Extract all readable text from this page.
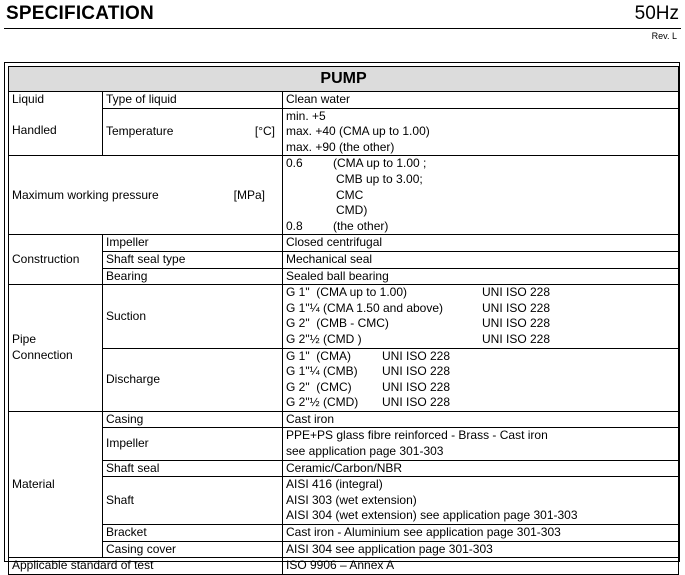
SPECIFICATION	50Hz
Rev. L
PUMP		

Liquid
Handled	Type of liquid	Clean water

	Temperature [°C]	min. +5
max. +40 (CMA up to 1.00)
max. +90 (the other)

Maximum working pressure [MPa]		0.6 (CMA up to 1.00 ;
CMB up to 3.00;
CMC
CMD)
0.8 (the other)

Construction	Impeller	Closed centrifugal
	Shaft seal type	Mechanical seal
	Bearing	Sealed ball bearing

Pipe
Connection	Suction	G 1" (CMA up to 1.00) UNI ISO 228
G 1"¼ (CMA 1.50 and above) UNI ISO 228
G 2" (CMB - CMC) UNI ISO 228
G 2"½ (CMD ) UNI ISO 228

	Discharge	G 1" (CMA) UNI ISO 228
G 1"¼ (CMB) UNI ISO 228
G 2" (CMC) UNI ISO 228
G 2"½ (CMD) UNI ISO 228

Material	Casing	Cast iron
	Impeller	PPE+PS glass fibre reinforced - Brass - Cast iron
see application page 301-303

	Shaft seal	Ceramic/Carbon/NBR
	Shaft	AISI 416 (integral)
AISI 303 (wet extension)
AISI 304 (wet extension) see application page 301-303

	Bracket	Cast iron - Aluminium see application page 301-303
	Casing cover	AISI 304 see application page 301-303
Applicable standard of test		ISO 9906 – Annex A
